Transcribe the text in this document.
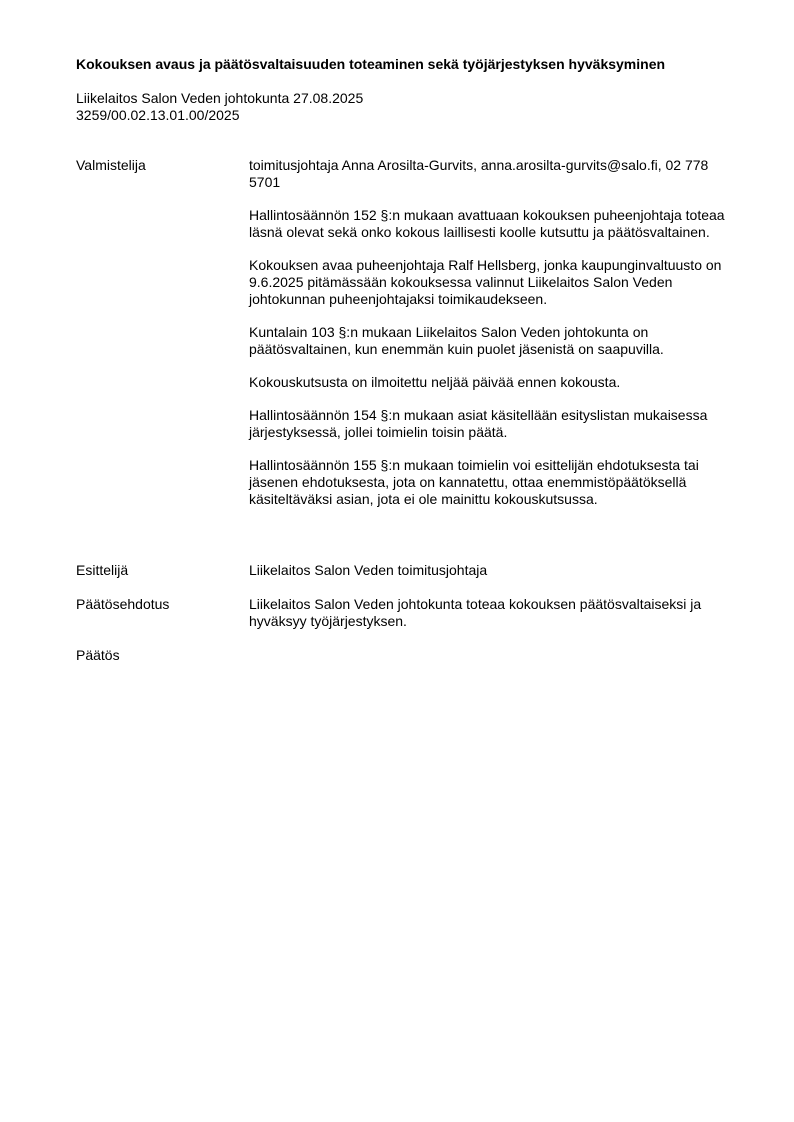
Kokouksen avaus ja päätösvaltaisuuden toteaminen sekä työjärjestyksen hyväksyminen
Liikelaitos Salon Veden johtokunta 27.08.2025
3259/00.02.13.01.00/2025
Valmistelija	toimitusjohtaja Anna Arosilta-Gurvits, anna.arosilta-gurvits@salo.fi, 02 778 5701

Hallintosäännön 152 §:n mukaan avattuaan kokouksen puheenjohtaja toteaa läsnä olevat sekä onko kokous laillisesti koolle kutsuttu ja päätösvaltainen.

Kokouksen avaa puheenjohtaja Ralf Hellsberg, jonka kaupunginvaltuusto on 9.6.2025 pitämässään kokouksessa valinnut Liikelaitos Salon Veden johtokunnan puheenjohtajaksi toimikaudekseen.

Kuntalain 103 §:n mukaan Liikelaitos Salon Veden johtokunta on päätösvaltainen, kun enemmän kuin puolet jäsenistä on saapuvilla.

Kokouskutsusta on ilmoitettu neljää päivää ennen kokousta.

Hallintosäännön 154 §:n mukaan asiat käsitellään esityslistan mukaisessa järjestyksessä, jollei toimielin toisin päätä.

Hallintosäännön 155 §:n mukaan toimielin voi esittelijän ehdotuksesta tai jäsenen ehdotuksesta, jota on kannatettu, ottaa enemmistöpäätöksellä käsiteltäväksi asian, jota ei ole mainittu kokouskutsussa.

Esittelijä	Liikelaitos Salon Veden toimitusjohtaja

Päätösehdotus	Liikelaitos Salon Veden johtokunta toteaa kokouksen päätösvaltaiseksi ja hyväksyy työjärjestyksen.

Päätös
